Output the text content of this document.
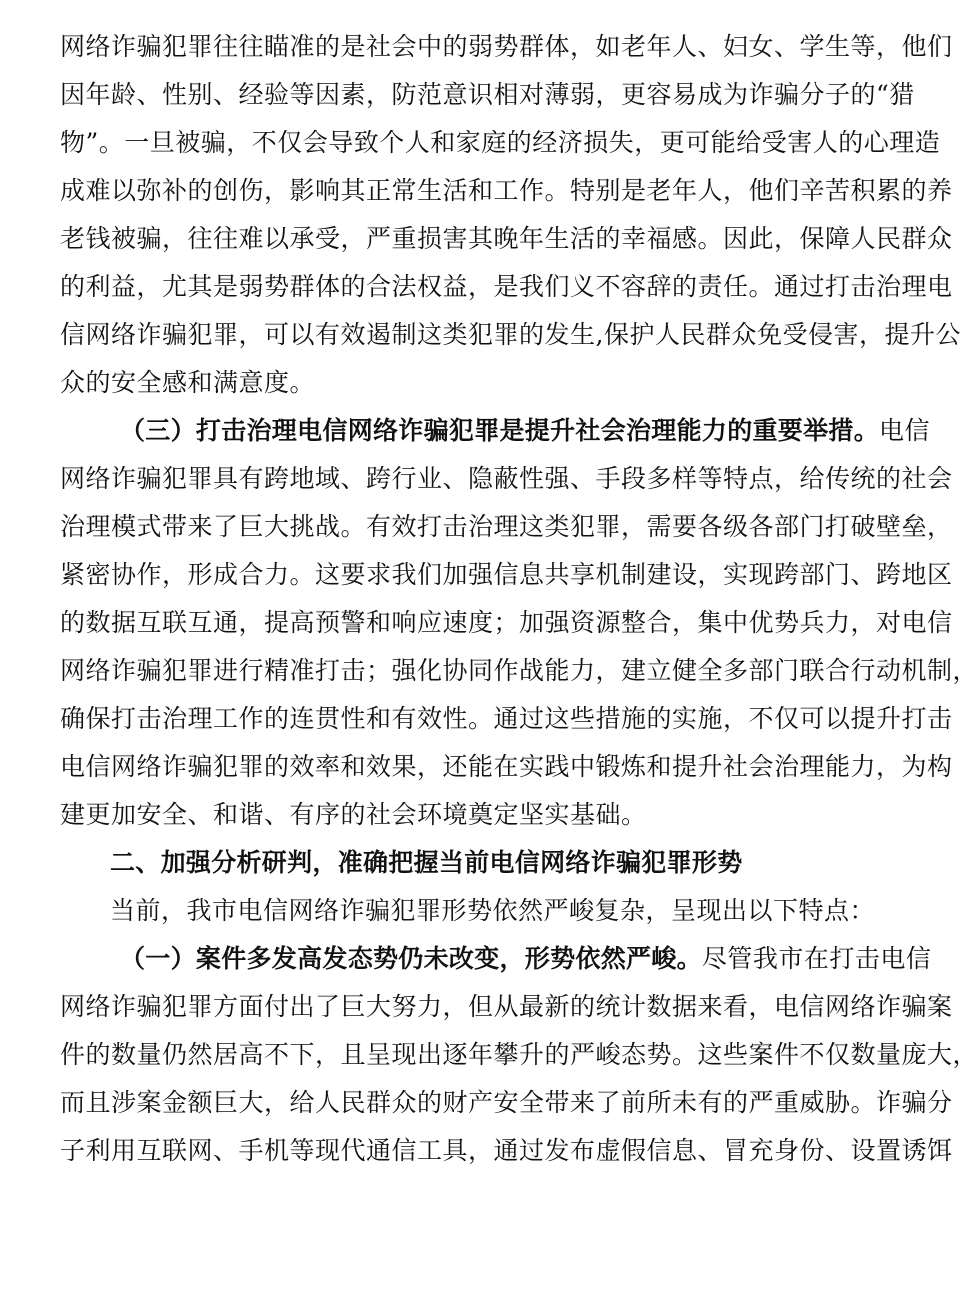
网络诈骗犯罪往往瞄准的是社会中的弱势群体，如老年人、妇女、学生等，他们
因年龄、性别、经验等因素，防范意识相对薄弱，更容易成为诈骗分子的“猎
物”。一旦被骗，不仅会导致个人和家庭的经济损失，更可能给受害人的心理造
成难以弥补的创伤，影响其正常生活和工作。特别是老年人，他们辛苦积累的养
老钱被骗，往往难以承受，严重损害其晚年生活的幸福感。因此，保障人民群众
的利益，尤其是弱势群体的合法权益，是我们义不容辞的责任。通过打击治理电
信网络诈骗犯罪，可以有效遏制这类犯罪的发生,保护人民群众免受侵害，提升公
众的安全感和满意度。
（三）打击治理电信网络诈骗犯罪是提升社会治理能力的重要举措。电信
网络诈骗犯罪具有跨地域、跨行业、隐蔽性强、手段多样等特点，给传统的社会
治理模式带来了巨大挑战。有效打击治理这类犯罪，需要各级各部门打破壁垒，
紧密协作，形成合力。这要求我们加强信息共享机制建设，实现跨部门、跨地区
的数据互联互通，提高预警和响应速度；加强资源整合，集中优势兵力，对电信
网络诈骗犯罪进行精准打击；强化协同作战能力，建立健全多部门联合行动机制，
确保打击治理工作的连贯性和有效性。通过这些措施的实施，不仅可以提升打击
电信网络诈骗犯罪的效率和效果，还能在实践中锻炼和提升社会治理能力，为构
建更加安全、和谐、有序的社会环境奠定坚实基础。
二、加强分析研判，准确把握当前电信网络诈骗犯罪形势
当前，我市电信网络诈骗犯罪形势依然严峻复杂，呈现出以下特点：
（一）案件多发高发态势仍未改变，形势依然严峻。尽管我市在打击电信
网络诈骗犯罪方面付出了巨大努力，但从最新的统计数据来看，电信网络诈骗案
件的数量仍然居高不下，且呈现出逐年攀升的严峻态势。这些案件不仅数量庞大，
而且涉案金额巨大，给人民群众的财产安全带来了前所未有的严重威胁。诈骗分
子利用互联网、手机等现代通信工具，通过发布虚假信息、冒充身份、设置诱饵
